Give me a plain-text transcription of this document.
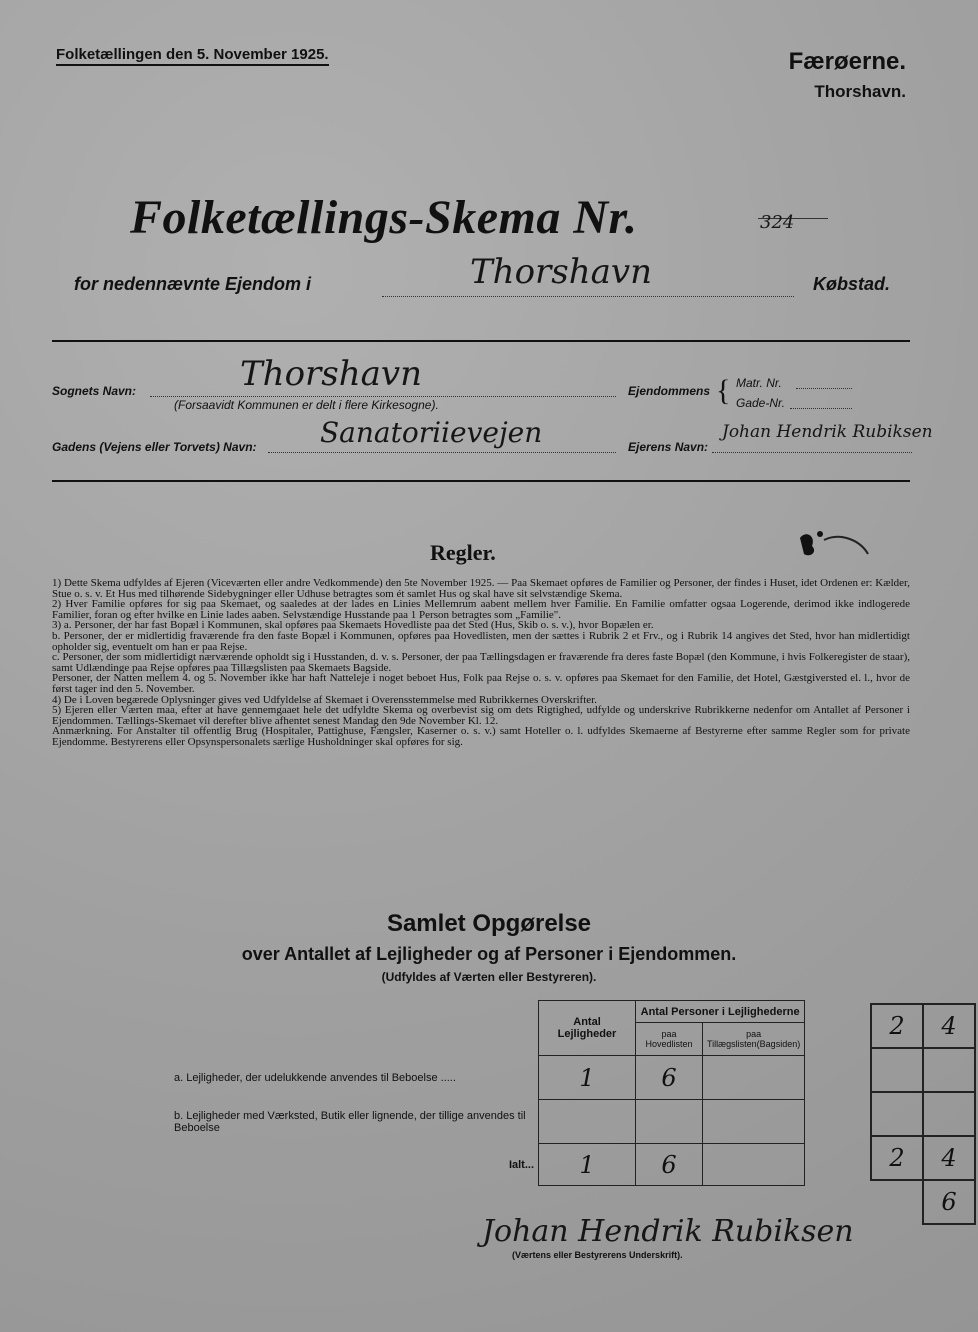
Folketællingen den 5. November 1925.	Færøerne.
Thorshavn.
Folketællings-Skema Nr.	324
for nedennævnte Ejendom i	Thorshavn	Købstad.
Sognets Navn:	Thorshavn
(Forsaavidt Kommunen er delt i flere Kirkesogne).
Ejendommens { Matr. Nr.
Gade-Nr.
Gadens (Vejens eller Torvets) Navn: Sanatoriievejen	Ejerens Navn:
Johan Hendrik Rubiksen
Regler.

1) Dette Skema udfyldes af Ejeren (Viceværten eller andre Vedkommende) den 5te November 1925. — Paa Skemaet opføres de Familier og Personer, der findes i Huset, idet Ordenen er: Kælder, Stue o. s. v. Et Hus med tilhørende Sidebygninger eller Udhuse betragtes som ét samlet Hus og skal have sit selvstændige Skema.

2) Hver Familie opføres for sig paa Skemaet, og saaledes at der lades en Linies Mellemrum aabent mellem hver Familie. En Familie omfatter ogsaa Logerende, derimod ikke indlogerede Familier, foran og efter hvilke en Linie lades aaben. Selvstændige Husstande paa 1 Person betragtes som „Familie".

3) a. Personer, der har fast Bopæl i Kommunen, skal opføres paa Skemaets Hovedliste paa det Sted (Hus, Skib o. s. v.), hvor Bopælen er.

b. Personer, der er midlertidig fraværende fra den faste Bopæl i Kommunen, opføres paa Hovedlisten, men der sættes i Rubrik 2 et Frv., og i Rubrik 14 angives det Sted, hvor han midlertidigt opholder sig, eventuelt om han er paa Rejse.

c. Personer, der som midlertidigt nærværende opholdt sig i Husstanden, d. v. s. Personer, der paa Tællingsdagen er fraværende fra deres faste Bopæl (den Kommune, i hvis Folkeregister de staar), samt Udlændinge paa Rejse opføres paa Tillægslisten paa Skemaets Bagside.

Personer, der Natten mellem 4. og 5. November ikke har haft Natteleje i noget beboet Hus, Folk paa Rejse o. s. v. opføres paa Skemaet for den Familie, det Hotel, Gæstgiversted el. l., hvor de først tager ind den 5. November.

4) De i Loven begærede Oplysninger gives ved Udfyldelse af Skemaet i Overensstemmelse med Rubrikkernes Overskrifter.

5) Ejeren eller Værten maa, efter at have gennemgaaet hele det udfyldte Skema og overbevist sig om dets Rigtighed, udfylde og underskrive Rubrikkerne nedenfor om Antallet af Personer i Ejendommen. Tællings-Skemaet vil derefter blive afhentet senest Mandag den 9de November Kl. 12.

Anmærkning. For Anstalter til offentlig Brug (Hospitaler, Pattighuse, Fængsler, Kaserner o. s. v.) samt Hoteller o. l. udfyldes Skemaerne af Bestyrerne efter samme Regler som for private Ejendomme. Bestyrerens eller Opsynspersonalets særlige Husholdninger skal opføres for sig.

Samlet Opgørelse
over Antallet af Lejligheder og af Personer i Ejendommen.
(Udfyldes af Værten eller Bestyreren).
	Antal Lejligheder	Antal Personer i Lejlighederne	
		paa Hovedlisten	paa Tillægslisten(Bagsiden)
a. Lejligheder, der udelukkende anvendes til Beboelse .....	1	6	
b. Lejligheder med Værksted, Butik eller lignende, der tillige anvendes til Beboelse			
Ialt...	1	6	
2	4

2	4
	6
Johan Hendrik Rubiksen
(Værtens eller Bestyrerens Underskrift).
